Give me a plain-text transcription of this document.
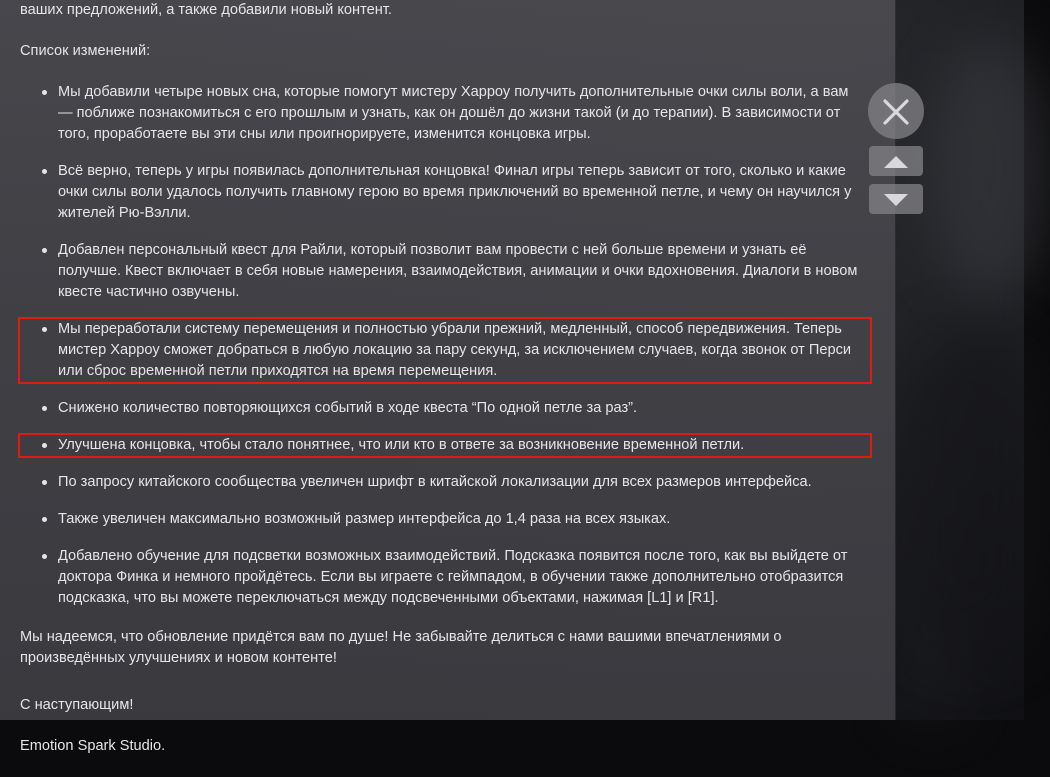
ваших предложений, а также добавили новый контент.

Список изменений:

Мы добавили четыре новых сна, которые помогут мистеру Харроу получить дополнительные очки силы воли, а вам — поближе познакомиться с его прошлым и узнать, как он дошёл до жизни такой (и до терапии). В зависимости от того, проработаете вы эти сны или проигнорируете, изменится концовка игры.
Всё верно, теперь у игры появилась дополнительная концовка! Финал игры теперь зависит от того, сколько и какие очки силы воли удалось получить главному герою во время приключений во временной петле, и чему он научился у жителей Рю-Вэлли.
Добавлен персональный квест для Райли, который позволит вам провести с ней больше времени и узнать её получше. Квест включает в себя новые намерения, взаимодействия, анимации и очки вдохновения. Диалоги в новом квесте частично озвучены.
Мы переработали систему перемещения и полностью убрали прежний, медленный, способ передвижения. Теперь мистер Харроу сможет добраться в любую локацию за пару секунд, за исключением случаев, когда звонок от Перси или сброс временной петли приходятся на время перемещения.
Снижено количество повторяющихся событий в ходе квеста “По одной петле за раз”.
Улучшена концовка, чтобы стало понятнее, что или кто в ответе за возникновение временной петли.
По запросу китайского сообщества увеличен шрифт в китайской локализации для всех размеров интерфейса.
Также увеличен максимально возможный размер интерфейса до 1,4 раза на всех языках.
Добавлено обучение для подсветки возможных взаимодействий. Подсказка появится после того, как вы выйдете от доктора Финка и немного пройдётесь. Если вы играете с геймпадом, в обучении также дополнительно отобразится подсказка, что вы можете переключаться между подсвеченными объектами, нажимая [L1] и [R1].

Мы надеемся, что обновление придётся вам по душе! Не забывайте делиться с нами вашими впечатлениями о произведённых улучшениях и новом контенте!

С наступающим!

Emotion Spark Studio.
